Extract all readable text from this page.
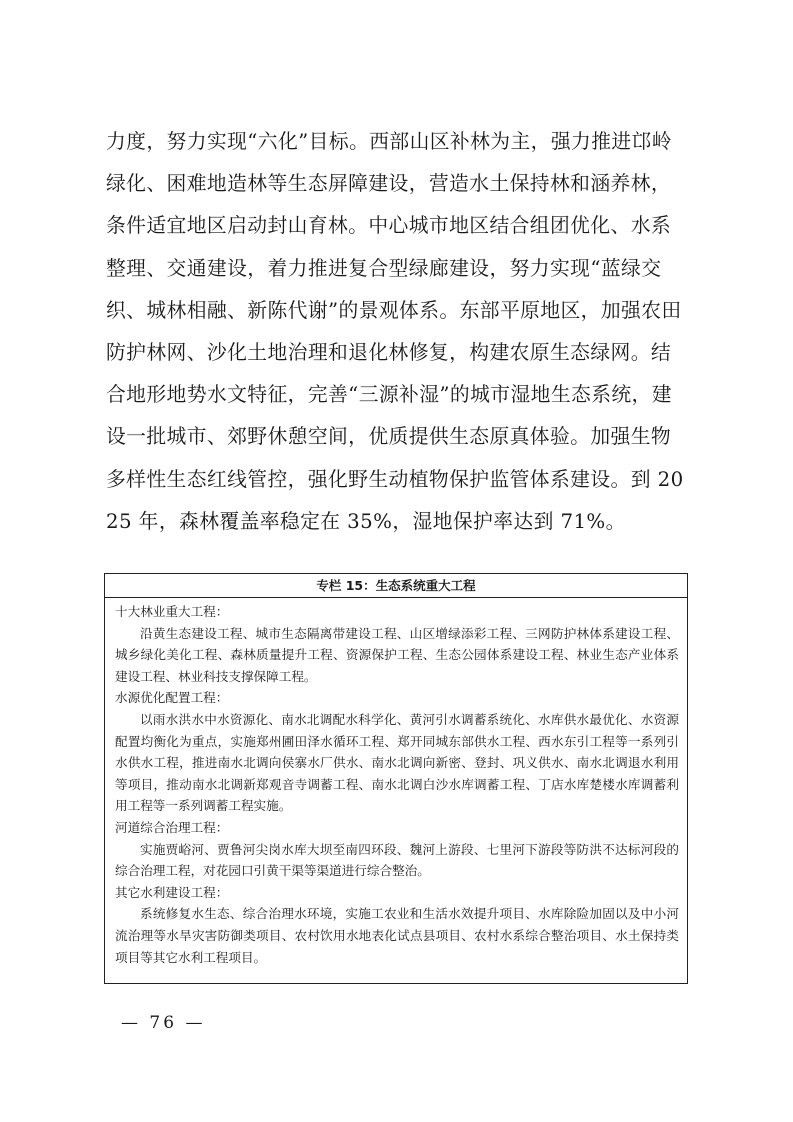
力度，努力实现“六化”目标。西部山区补林为主，强力推进邙岭绿化、困难地造林等生态屏障建设，营造水土保持林和涵养林，条件适宜地区启动封山育林。中心城市地区结合组团优化、水系整理、交通建设，着力推进复合型绿廊建设，努力实现“蓝绿交织、城林相融、新陈代谢”的景观体系。东部平原地区，加强农田防护林网、沙化土地治理和退化林修复，构建农原生态绿网。结合地形地势水文特征，完善“三源补湿”的城市湿地生态系统，建设一批城市、郊野休憩空间，优质提供生态原真体验。加强生物多样性生态红线管控，强化野生动植物保护监管体系建设。到 2025 年，森林覆盖率稳定在 35%，湿地保护率达到 71%。

专栏 15：生态系统重大工程
十大林业重大工程：
沿黄生态建设工程、城市生态隔离带建设工程、山区增绿添彩工程、三网防护林体系建设工程、城乡绿化美化工程、森林质量提升工程、资源保护工程、生态公园体系建设工程、林业生态产业体系建设工程、林业科技支撑保障工程。
水源优化配置工程：
以雨水洪水中水资源化、南水北调配水科学化、黄河引水调蓄系统化、水库供水最优化、水资源配置均衡化为重点，实施郑州圃田泽水循环工程、郑开同城东部供水工程、西水东引工程等一系列引水供水工程，推进南水北调向侯寨水厂供水、南水北调向新密、登封、巩义供水、南水北调退水利用等项目，推动南水北调新郑观音寺调蓄工程、南水北调白沙水库调蓄工程、丁店水库楚楼水库调蓄利用工程等一系列调蓄工程实施。
河道综合治理工程：
实施贾峪河、贾鲁河尖岗水库大坝至南四环段、魏河上游段、七里河下游段等防洪不达标河段的综合治理工程，对花园口引黄干渠等渠道进行综合整治。
其它水利建设工程：
系统修复水生态、综合治理水环境，实施工农业和生活水效提升项目、水库除险加固以及中小河流治理等水旱灾害防御类项目、农村饮用水地表化试点县项目、农村水系综合整治项目、水土保持类项目等其它水利工程项目。
— 76 —
